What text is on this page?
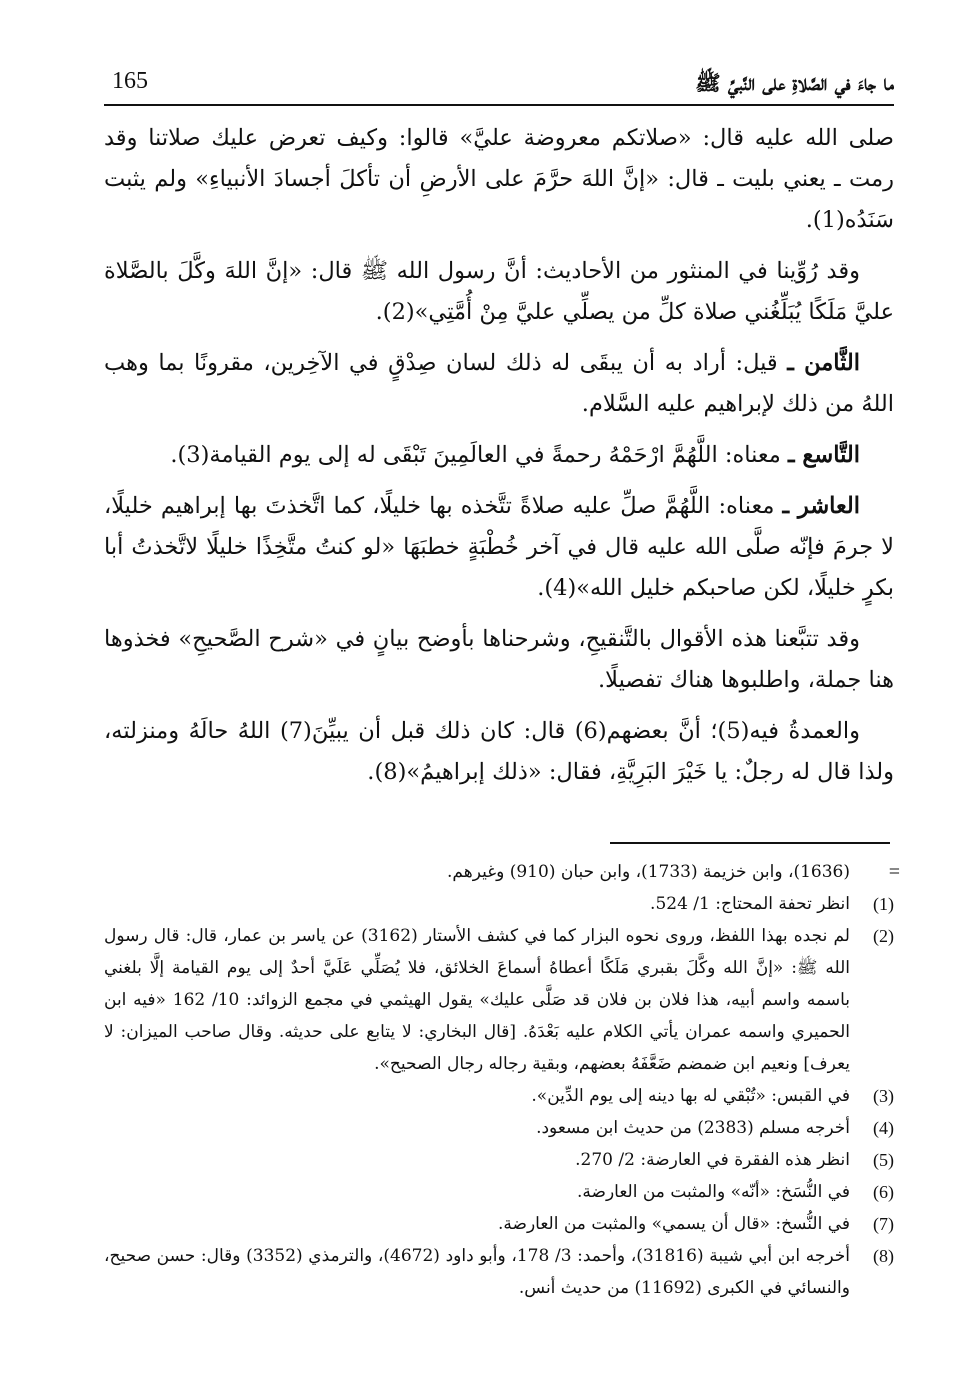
ما جاءَ في الصَّلاةِ على النَّبيِّ ﷺ
165

صلى الله عليه قال: «صلاتكم معروضة عليَّ» قالوا: وكيف تعرض عليك صلاتنا وقد رمت ـ يعني بليت ـ قال: «إنَّ اللهَ حرَّمَ على الأرضِ أن تأكلَ أجسادَ الأنبياءِ» ولم يثبت سَنَدُه(1).

وقد رُوِّينا في المنثور من الأحاديث: أنَّ رسول الله ﷺ قال: «إنَّ اللهَ وكَّلَ بالصَّلاة عليَّ مَلَكًا يُبَلِّغُني صلاة كلِّ من يصلِّي عليَّ مِنْ أُمَّتِي»(2).

الثَّامن ـ قيل: أراد به أن يبقَى له ذلك لسان صِدْقٍ في الآخِرين، مقرونًا بما وهب اللهُ من ذلك لإبراهيم عليه السَّلام.

التَّاسع ـ معناه: اللَّهُمَّ ارْحَمْهُ رحمةً في العالَمِينَ تَبْقَى له إلى يوم القيامة(3).

العاشر ـ معناه: اللَّهُمَّ صلِّ عليه صلاةً تتَّخذه بها خليلًا، كما اتَّخذتَ بها إبراهيم خليلًا، لا جرمَ فإنّه صلَّى الله عليه قال في آخر خُطْبَةٍ خطبَهَا «لو كنتُ متَّخِذًا خليلًا لاتَّخذتُ أبا بكرٍ خليلًا، لكن صاحبكم خليل الله»(4).

وقد تتبَّعنا هذه الأقوال بالتَّنقيحِ، وشرحناها بأوضح بيانٍ في «شرح الصَّحيحِ» فخذوها هنا جملة، واطلبوها هناك تفصيلًا.

والعمدةُ فيه(5)؛ أنَّ بعضهم(6) قال: كان ذلك قبل أن يبيِّنَ(7) اللهُ حالَهُ ومنزلته، ولذا قال له رجلٌ: يا خَيْرَ البَرِيَّةِ، فقال: «ذلك إبراهيمُ»(8).

=
(1636)، وابن خزيمة (1733)، وابن حبان (910) وغيرهم.
(1)
انظر تحفة المحتاج: 1/ 524.
(2)
لم نجده بهذا اللفظ، وروى نحوه البزار كما في كشف الأستار (3162) عن ياسر بن عمار، قال: قال رسول الله ﷺ: «إنَّ الله وكَّلَ بقبري مَلَكًا أعطاهُ أسماعَ الخلائق، فلا يُصَلِّي عَلَيَّ أحدٌ إلى يوم القيامة إلَّا بلغني باسمه واسم أبيه، هذا فلان بن فلان قد صَلَّى عليك» يقول الهيثمي في مجمع الزوائد: 10/ 162 «فيه ابن الحميري واسمه عمران يأتي الكلام عليه بَعْدَهُ. [قال البخاري: لا يتابع على حديثه. وقال صاحب الميزان: لا يعرف] ونعيم ابن ضمضم ضَعَّفَهُ بعضهم، وبقية رجاله رجال الصحيح».
(3)
في القبس: «تُبْقي له بها دينه إلى يوم الدِّين».
(4)
أخرجه مسلم (2383) من حديث ابن مسعود.
(5)
انظر هذه الفقرة في العارضة: 2/ 270.
(6)
في النُّسَخ: «أنّه» والمثبت من العارضة.
(7)
في النُّسخ: «قال أن يسمي» والمثبت من العارضة.
(8)
أخرجه ابن أبي شيبة (31816)، وأحمد: 3/ 178، وأبو داود (4672)، والترمذي (3352) وقال: حسن صحيح، والنسائي في الكبرى (11692) من حديث أنس.
